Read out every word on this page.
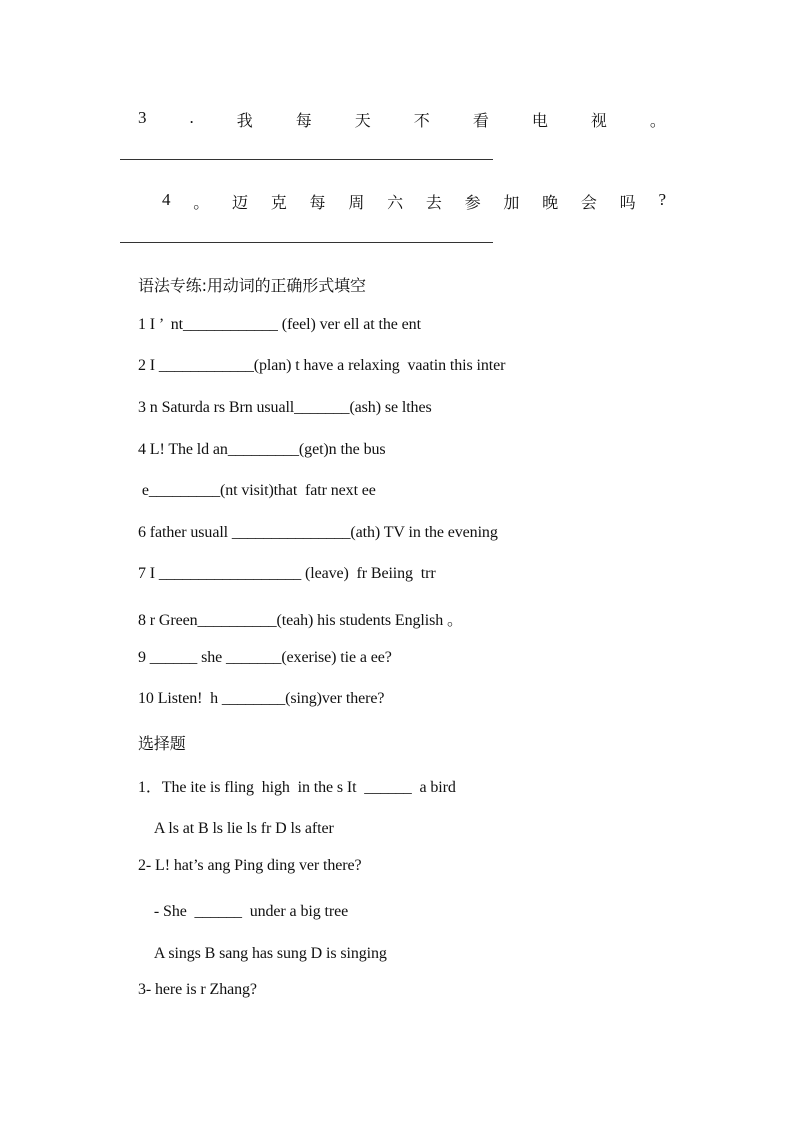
3	.	我	每	天	不	看	电	视	。
4 。 迈 克 每 周 六 去 参 加 晚 会 吗 ?
语法专练:用动词的正确形式填空
1 I ’  nt____________ (feel) ver ell at the ent
2 I ____________(plan) t have a relaxing  vaatin this inter
3 n Saturda rs Brn usuall_______(ash) se lthes
4 L! The ld an_________(get)n the bus
e_________(nt visit)that  fatr next ee
6 father usuall _______________(ath) TV in the evening
7 I __________________ (leave)  fr Beiing  trr
8 r Green__________(teah) his students English 。
9 ______ she _______(exerise) tie a ee?
10 Listen!  h ________(sing)ver there?
选择题
1．The ite is fling  high  in the s It  ______  a bird
　A ls at B ls lie ls fr D ls after
2- L! hat’s ang Ping ding ver there?
　- She  ______  under a big tree
　A sings B sang has sung D is singing
3- here is r Zhang?
